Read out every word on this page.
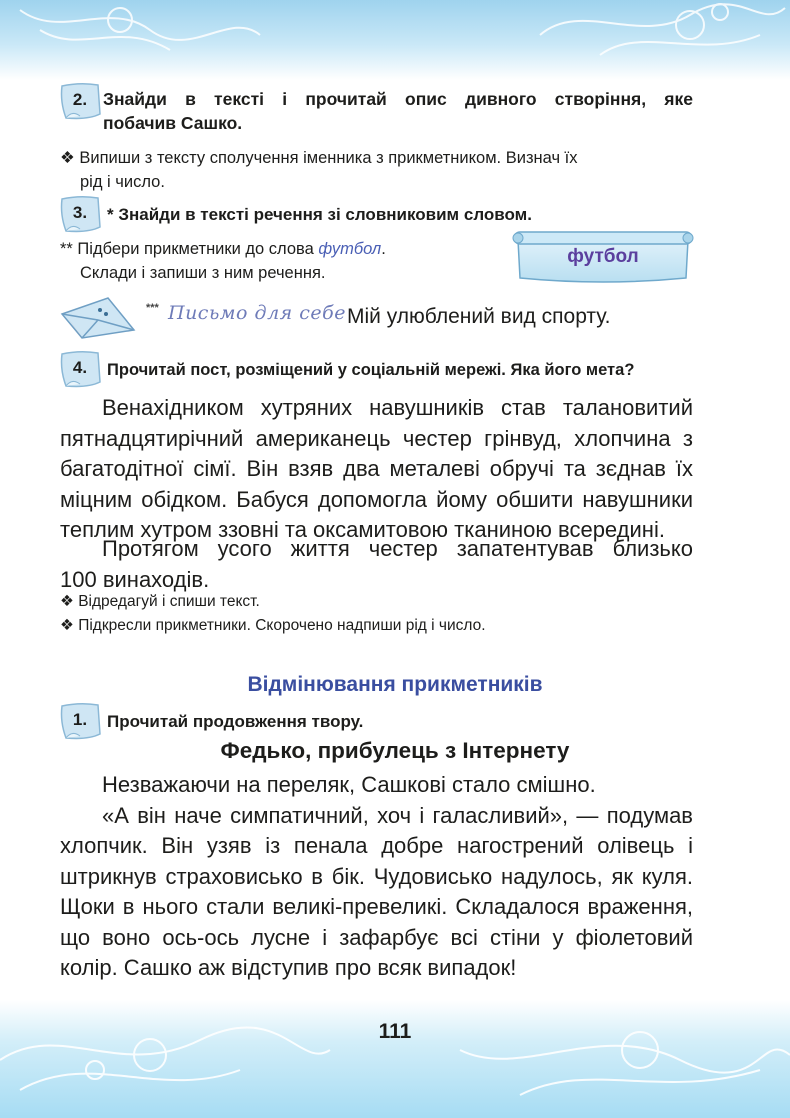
2. Знайди в тексті і прочитай опис дивного створіння, яке
побачив Сашко.
❖ Випиши з тексту сполучення іменника з прикметником. Визнач їх
рід і число.
3.	* Знайди в тексті речення зі словниковим словом.
** Підбери прикметники до слова футбол.
Склади і запиши з ним речення.
футбол
*** Письмо для себе Мій улюблений вид спорту.
4.	Прочитай пост, розміщений у соціальній мережі. Яка його мета?
Венахідником хутряних навушників став талановитий
пятнадцятирічний американець честер грінвуд, хлопчина з
багатодітної сімї. Він взяв два металеві обручі та зєднав їх
міцним обідком. Бабуся допомогла йому обшити навушники
теплим хутром ззовні та оксамитовою тканиною всередині.
Протягом усого життя честер запатентував близько
100 винаходів.
❖ Відредагуй і спиши текст.
❖ Підкресли прикметники. Скорочено надпиши рід і число.
Відмінювання прикметників
1.	Прочитай продовження твору.
Федько, прибулець з Інтернету
Незважаючи на переляк, Сашкові стало смішно.
«А він наче симпатичний, хоч і галасливий», — подумав
хлопчик. Він узяв із пенала добре нагострений олівець і
штрикнув страховисько в бік. Чудовисько надулось, як куля.
Щоки в нього стали великі-превеликі. Складалося враження,
що воно ось-ось лусне і зафарбує всі стіни у фіолетовий
колір. Сашко аж відступив про всяк випадок!
111
